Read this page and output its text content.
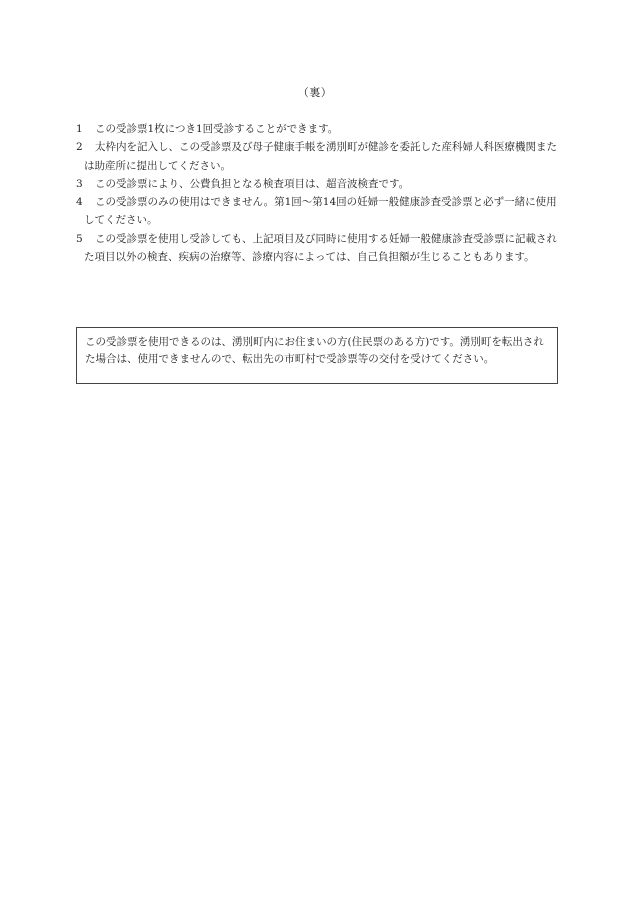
（裏）
1 この受診票1枚につき1回受診することができます。
2 太枠内を記入し、この受診票及び母子健康手帳を湧別町が健診を委託した産科婦人科医療機関または助産所に提出してください。
3 この受診票により、公費負担となる検査項目は、超音波検査です。
4 この受診票のみの使用はできません。第1回～第14回の妊婦一般健康診査受診票と必ず一緒に使用してください。
5 この受診票を使用し受診しても、上記項目及び同時に使用する妊婦一般健康診査受診票に記載された項目以外の検査、疾病の治療等、診療内容によっては、自己負担額が生じることもあります。
この受診票を使用できるのは、湧別町内にお住まいの方(住民票のある方)です。湧別町を転出された場合は、使用できませんので、転出先の市町村で受診票等の交付を受けてください。
